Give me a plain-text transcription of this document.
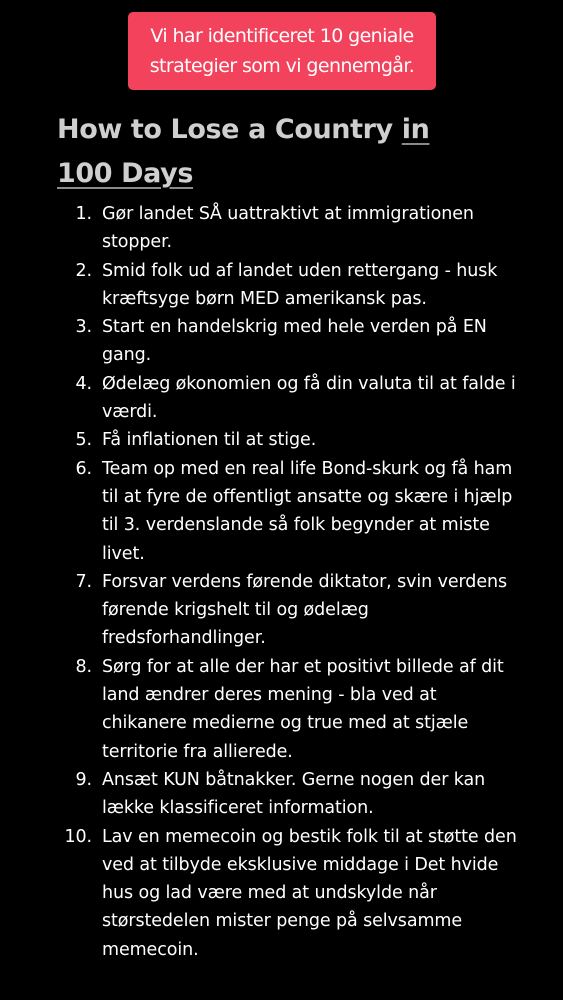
Vi har identificeret 10 geniale
strategier som vi gennemgår.
How to Lose a Country in
100 Days
1. Gør landet SÅ uattraktivt at immigrationen stopper.
2. Smid folk ud af landet uden rettergang - husk kræftsyge børn MED amerikansk pas.
3. Start en handelskrig med hele verden på EN gang.
4. Ødelæg økonomien og få din valuta til at falde i værdi.
5. Få inflationen til at stige.
6. Team op med en real life Bond-skurk og få ham til at fyre de offentligt ansatte og skære i hjælp til 3. verdenslande så folk begynder at miste livet.
7. Forsvar verdens førende diktator, svin verdens førende krigshelt til og ødelæg fredsforhandlinger.
8. Sørg for at alle der har et positivt billede af dit land ændrer deres mening - bla ved at chikanere medierne og true med at stjæle territorie fra allierede.
9. Ansæt KUN båtnakker. Gerne nogen der kan lække klassificeret information.
10. Lav en memecoin og bestik folk til at støtte den ved at tilbyde eksklusive middage i Det hvide hus og lad være med at undskylde når størstedelen mister penge på selvsamme memecoin.
